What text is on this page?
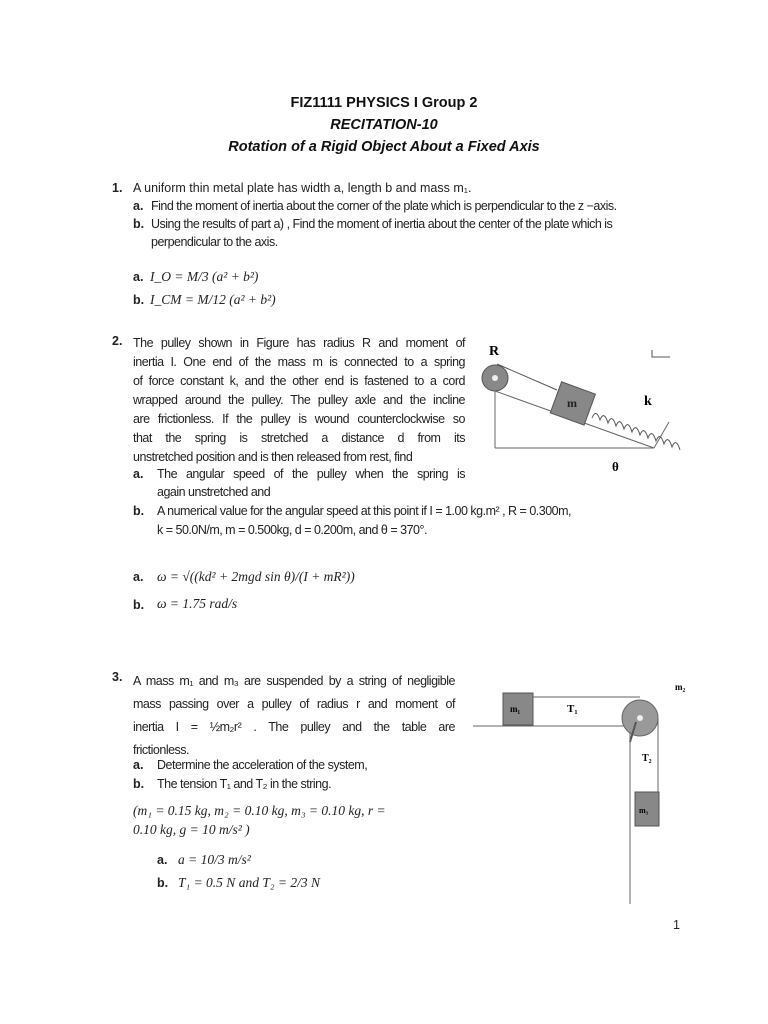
FIZ1111 PHYSICS I Group 2
RECITATION-10
Rotation of a Rigid Object About a Fixed Axis
1. A uniform thin metal plate has width a, length b and mass m₁.
a. Find the moment of inertia about the corner of the plate which is perpendicular to the z −axis.
b. Using the results of part a) , Find the moment of inertia about the center of the plate which is
perpendicular to the axis.
a. I_O = M/3 (a² + b²)
b. I_CM = M/12 (a² + b²)
2. The pulley shown in Figure has radius R and moment of
inertia I. One end of the mass m is connected to a spring
of force constant k, and the other end is fastened to a cord
wrapped around the pulley. The pulley axle and the incline
are frictionless. If the pulley is wound counterclockwise so
that the spring is stretched a distance d from its
unstretched position and is then released from rest, find
a. The angular speed of the pulley when the spring is
again unstretched and
b. A numerical value for the angular speed at this point if I = 1.00 kg.m² , R = 0.300m,
k = 50.0N/m, m = 0.500kg, d = 0.200m, and θ = 370°.
a. ω = √((kd² + 2mgd sin θ)/(I + mR²))
b. ω = 1.75 rad/s
R
m	k
θ
3. A mass m₁ and m₃ are suspended by a string of negligible
mass passing over a pulley of radius r and moment of
inertia I = ½m₂r² . The pulley and the table are
frictionless.
a. Determine the acceleration of the system,
b. The tension T₁ and T₂ in the string.
(m₁ = 0.15 kg, m₂ = 0.10 kg, m₃ = 0.10 kg, r =
0.10 kg, g = 10 m/s² )
a. a = 10/3 m/s²
b. T₁ = 0.5 N and T₂ = 2/3 N
m₁	T₁
m₂
T₂
m₃
1
